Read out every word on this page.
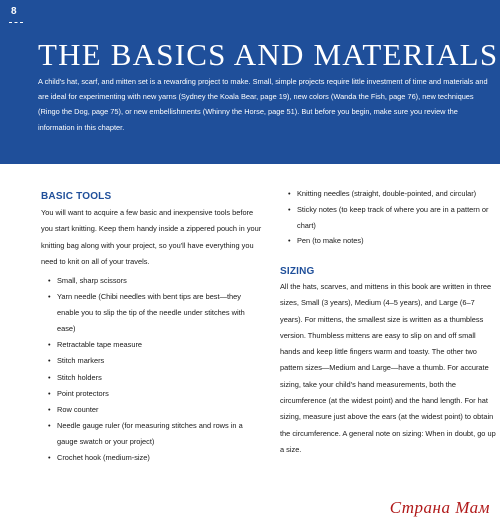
8
THE BASICS AND MATERIALS

A child's hat, scarf, and mitten set is a rewarding project to make. Small, simple projects require little investment of time and materials and are ideal for experimenting with new yarns (Sydney the Koala Bear, page 19), new colors (Wanda the Fish, page 76), new techniques (Ringo the Dog, page 75), or new embellishments (Whinny the Horse, page 51). But before you begin, make sure you review the information in this chapter.

BASIC TOOLS

You will want to acquire a few basic and inexpensive tools before you start knitting. Keep them handy inside a zippered pouch in your knitting bag along with your project, so you'll have everything you need to knit on all of your travels.

• Small, sharp scissors
• Yarn needle (Chibi needles with bent tips are best—they enable you to slip the tip of the needle under stitches with ease)
• Retractable tape measure
• Stitch markers
• Stitch holders
• Point protectors
• Row counter
• Needle gauge ruler (for measuring stitches and rows in a gauge swatch or your project)
• Crochet hook (medium-size)
• Knitting needles (straight, double-pointed, and circular)
• Sticky notes (to keep track of where you are in a pattern or chart)
• Pen (to make notes)
SIZING

All the hats, scarves, and mittens in this book are written in three sizes, Small (3 years), Medium (4–5 years), and Large (6–7 years). For mittens, the smallest size is written as a thumbless version. Thumbless mittens are easy to slip on and off small hands and keep little fingers warm and toasty. The other two pattern sizes—Medium and Large—have a thumb. For accurate sizing, take your child's hand measurements, both the circumference (at the widest point) and the hand length. For hat sizing, measure just above the ears (at the widest point) to obtain the circumference. A general note on sizing: When in doubt, go up a size.

Страна Мам
